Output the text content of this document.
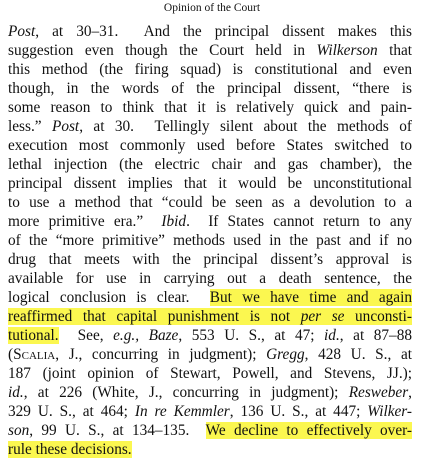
Opinion of the Court
Post, at 30–31.  And the principal dissent makes this
suggestion even though the Court held in Wilkerson that
this method (the firing squad) is constitutional and even
though, in the words of the principal dissent, “there is
some reason to think that it is relatively quick and pain-
less.” Post, at 30.  Tellingly silent about the methods of
execution most commonly used before States switched to
lethal injection (the electric chair and gas chamber), the
principal dissent implies that it would be unconstitutional
to use a method that “could be seen as a devolution to a
more primitive era.”  Ibid.  If States cannot return to any
of the “more primitive” methods used in the past and if no
drug that meets with the principal dissent’s approval is
available for use in carrying out a death sentence, the
logical conclusion is clear.  But we have time and again
reaffirmed that capital punishment is not per se unconsti-
tutional.  See, e.g., Baze, 553 U. S., at 47; id., at 87–88
(Scalia, J., concurring in judgment); Gregg, 428 U. S., at
187 (joint opinion of Stewart, Powell, and Stevens, JJ.);
id., at 226 (White, J., concurring in judgment); Resweber,
329 U. S., at 464; In re Kemmler, 136 U. S., at 447; Wilker-
son, 99 U. S., at 134–135.  We decline to effectively over-
rule these decisions.
